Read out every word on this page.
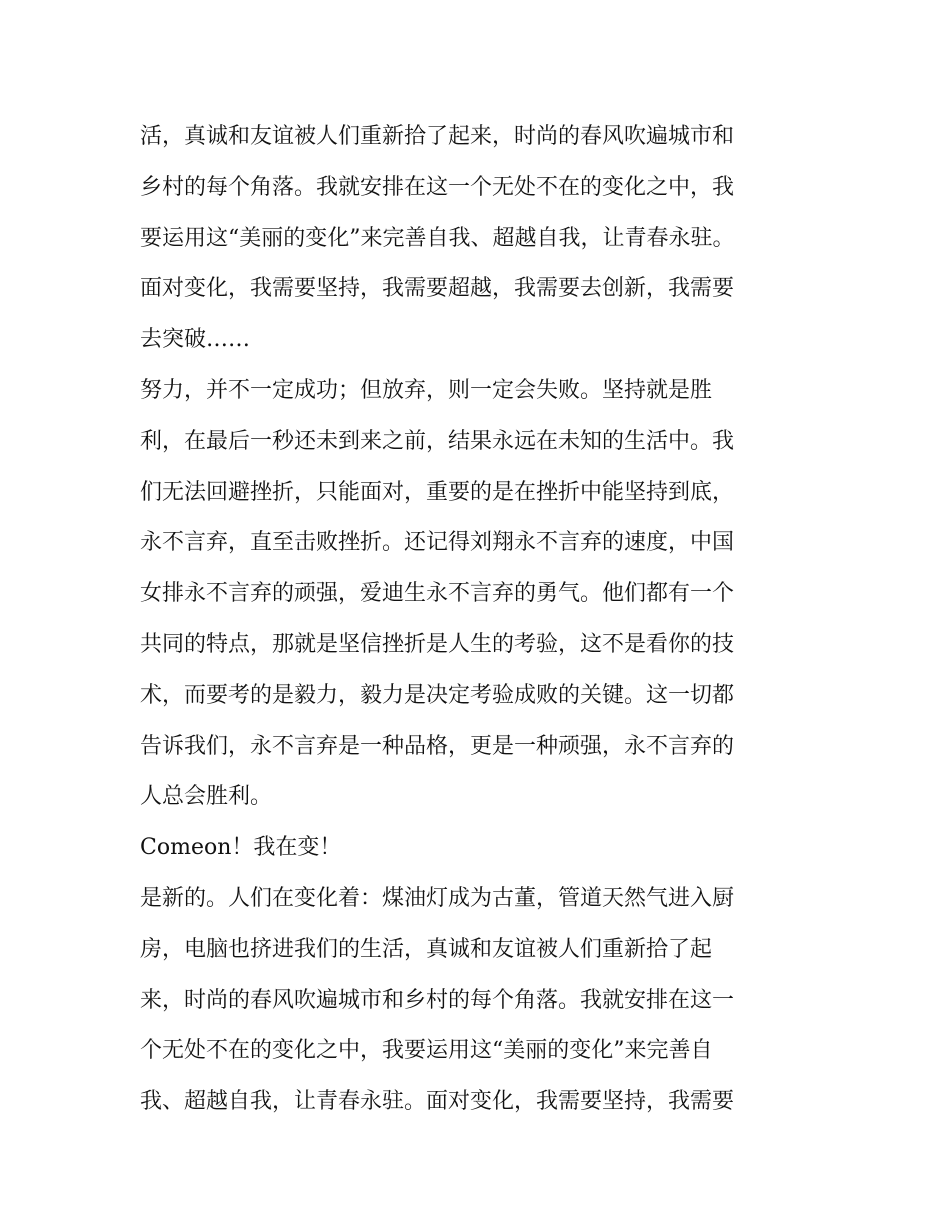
活，真诚和友谊被人们重新拾了起来，时尚的春风吹遍城市和
乡村的每个角落。我就安排在这一个无处不在的变化之中，我
要运用这“美丽的变化”来完善自我、超越自我，让青春永驻。
面对变化，我需要坚持，我需要超越，我需要去创新，我需要
去突破……
努力，并不一定成功；但放弃，则一定会失败。坚持就是胜
利，在最后一秒还未到来之前，结果永远在未知的生活中。我
们无法回避挫折，只能面对，重要的是在挫折中能坚持到底，
永不言弃，直至击败挫折。还记得刘翔永不言弃的速度，中国
女排永不言弃的顽强，爱迪生永不言弃的勇气。他们都有一个
共同的特点，那就是坚信挫折是人生的考验，这不是看你的技
术，而要考的是毅力，毅力是决定考验成败的关键。这一切都
告诉我们，永不言弃是一种品格，更是一种顽强，永不言弃的
人总会胜利。
Comeon！我在变！
是新的。人们在变化着：煤油灯成为古董，管道天然气进入厨
房，电脑也挤进我们的生活，真诚和友谊被人们重新拾了起
来，时尚的春风吹遍城市和乡村的每个角落。我就安排在这一
个无处不在的变化之中，我要运用这“美丽的变化”来完善自
我、超越自我，让青春永驻。面对变化，我需要坚持，我需要
